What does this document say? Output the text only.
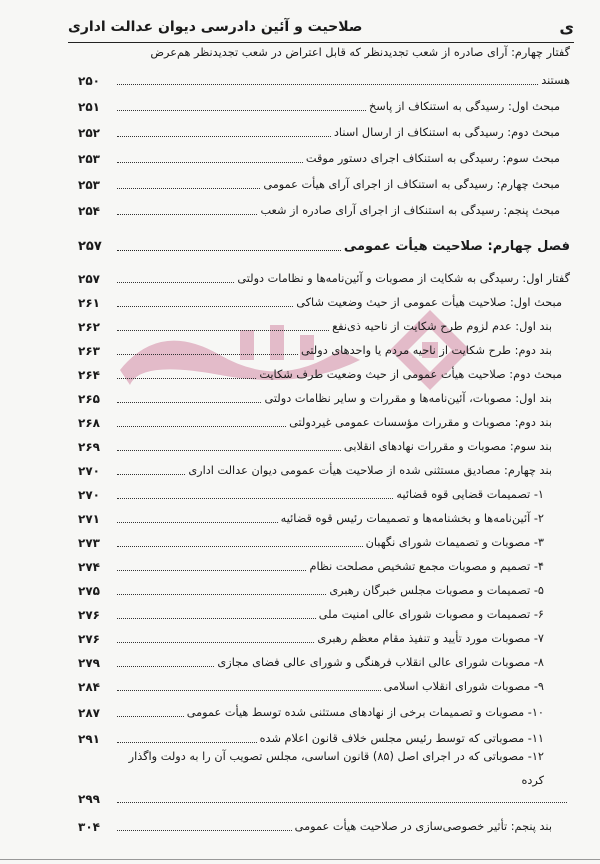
ی
صلاحیت و آئین دادرسی دیوان عدالت اداری
گفتار چهارم: آرای صادره از شعب تجدیدنظر که قابل اعتراض در شعب تجدیدنظر هم‌عرض
هستند
۲۵۰
مبحث اول: رسیدگی به استنکاف از پاسخ
۲۵۱
مبحث دوم: رسیدگی به استنکاف از ارسال اسناد
۲۵۲
مبحث سوم: رسیدگی به استنکاف اجرای دستور موقت
۲۵۳
مبحث چهارم: رسیدگی به استنکاف از اجرای آرای هیأت عمومی
۲۵۳
مبحث پنجم: رسیدگی به استنکاف از اجرای آرای صادره از شعب
۲۵۴
فصل چهارم: صلاحیت هیأت عمومی
۲۵۷
گفتار اول: رسیدگی به شکایت از مصوبات و آئین‌نامه‌ها و نظامات دولتی
۲۵۷
مبحث اول: صلاحیت هیأت عمومی از حیث وضعیت شاکی
۲۶۱
بند اول: عدم لزوم طرح شکایت از ناحیه ذی‌نفع
۲۶۲
بند دوم: طرح شکایت از ناحیه مردم یا واحدهای دولتی
۲۶۳
مبحث دوم: صلاحیت هیأت عمومی از حیث وضعیت طرف شکایت
۲۶۴
بند اول: مصوبات، آئین‌نامه‌ها و مقررات و سایر نظامات دولتی
۲۶۵
بند دوم: مصوبات و مقررات مؤسسات عمومی غیردولتی
۲۶۸
بند سوم: مصوبات و مقررات نهادهای انقلابی
۲۶۹
بند چهارم: مصادیق مستثنی شده از صلاحیت هیأت عمومی دیوان عدالت اداری
۲۷۰
۱- تصمیمات قضایی قوه قضائیه
۲۷۰
۲- آئین‌نامه‌ها و بخشنامه‌ها و تصمیمات رئیس قوه قضائیه
۲۷۱
۳- مصوبات و تصمیمات شورای نگهبان
۲۷۳
۴- تصمیم و مصوبات مجمع تشخیص مصلحت نظام
۲۷۴
۵- تصمیمات و مصوبات مجلس خبرگان رهبری
۲۷۵
۶- تصمیمات و مصوبات شورای عالی امنیت ملی
۲۷۶
۷- مصوبات مورد تأیید و تنفیذ مقام معظم رهبری
۲۷۶
۸- مصوبات شورای عالی انقلاب فرهنگی و شورای عالی فضای مجازی
۲۷۹
۹- مصوبات شورای انقلاب اسلامی
۲۸۴
۱۰- مصوبات و تصمیمات برخی از نهادهای مستثنی شده توسط هیأت عمومی
۲۸۷
۱۱- مصوباتی که توسط رئیس مجلس خلاف قانون اعلام شده
۲۹۱
۱۲- مصوباتی که در اجرای اصل (۸۵) قانون اساسی، مجلس تصویب آن را به دولت واگذار
کرده
۲۹۹
بند پنجم: تأثیر خصوصی‌سازی در صلاحیت هیأت عمومی
۳۰۴
